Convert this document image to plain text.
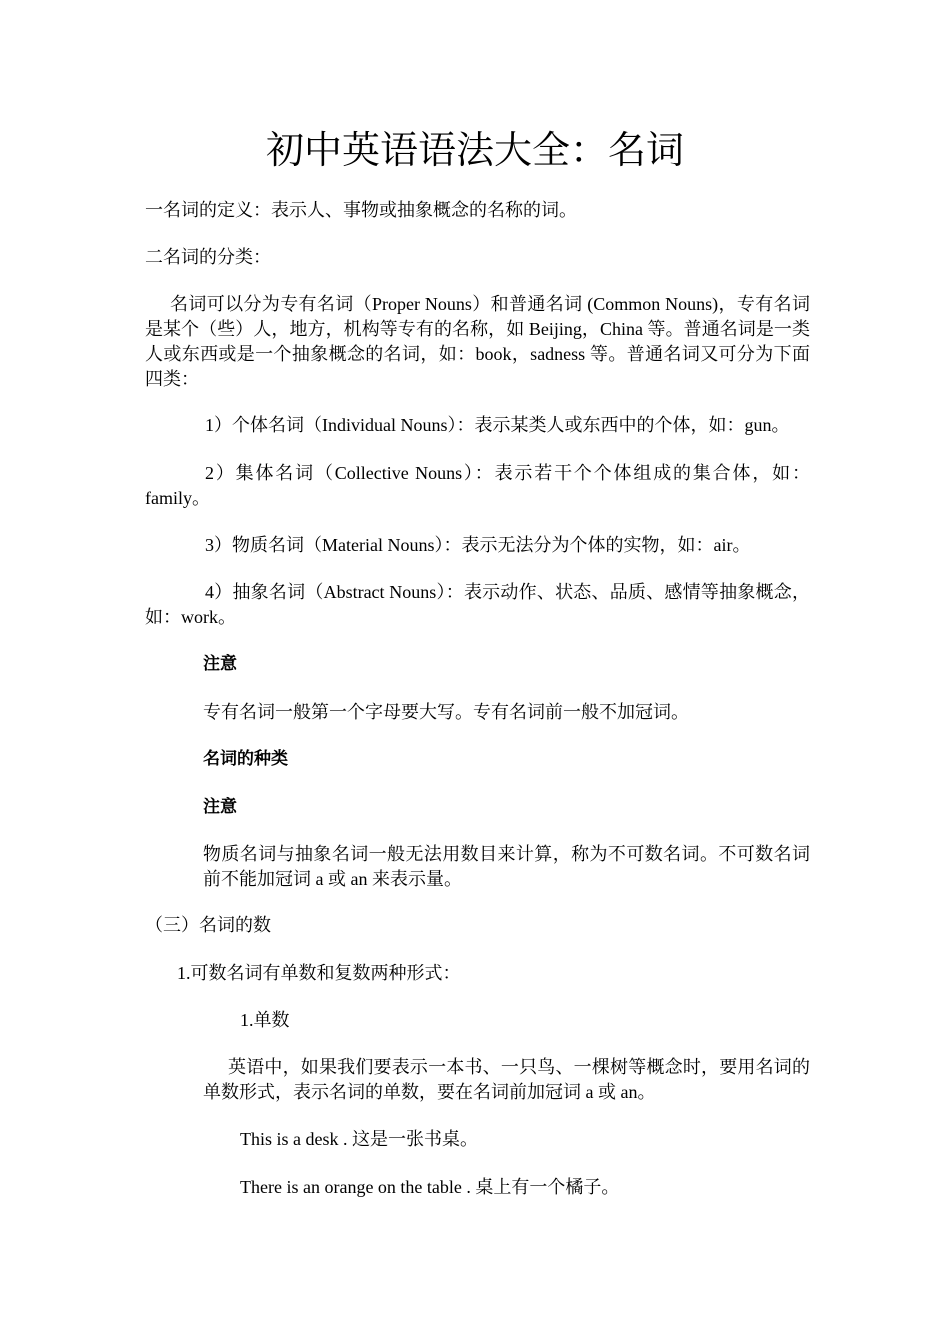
初中英语语法大全：名词

一名词的定义：表示人、事物或抽象概念的名称的词。

二名词的分类：

名词可以分为专有名词（Proper Nouns）和普通名词 (Common Nouns)，专有名词是某个（些）人，地方，机构等专有的名称，如 Beijing，China 等。普通名词是一类人或东西或是一个抽象概念的名词，如：book，sadness 等。普通名词又可分为下面四类：

1）个体名词（Individual Nouns）：表示某类人或东西中的个体，如：gun。

2）集体名词（Collective Nouns）：表示若干个个体组成的集合体，如：family。

3）物质名词（Material Nouns）：表示无法分为个体的实物，如：air。

4）抽象名词（Abstract Nouns）：表示动作、状态、品质、感情等抽象概念，如：work。

注意

专有名词一般第一个字母要大写。专有名词前一般不加冠词。

名词的种类

注意

物质名词与抽象名词一般无法用数目来计算，称为不可数名词。不可数名词前不能加冠词 a 或 an 来表示量。

（三）名词的数

1.可数名词有单数和复数两种形式：

1.单数

英语中，如果我们要表示一本书、一只鸟、一棵树等概念时，要用名词的单数形式，表示名词的单数，要在名词前加冠词 a 或 an。

This is a desk . 这是一张书桌。

There is an orange on the table . 桌上有一个橘子。
